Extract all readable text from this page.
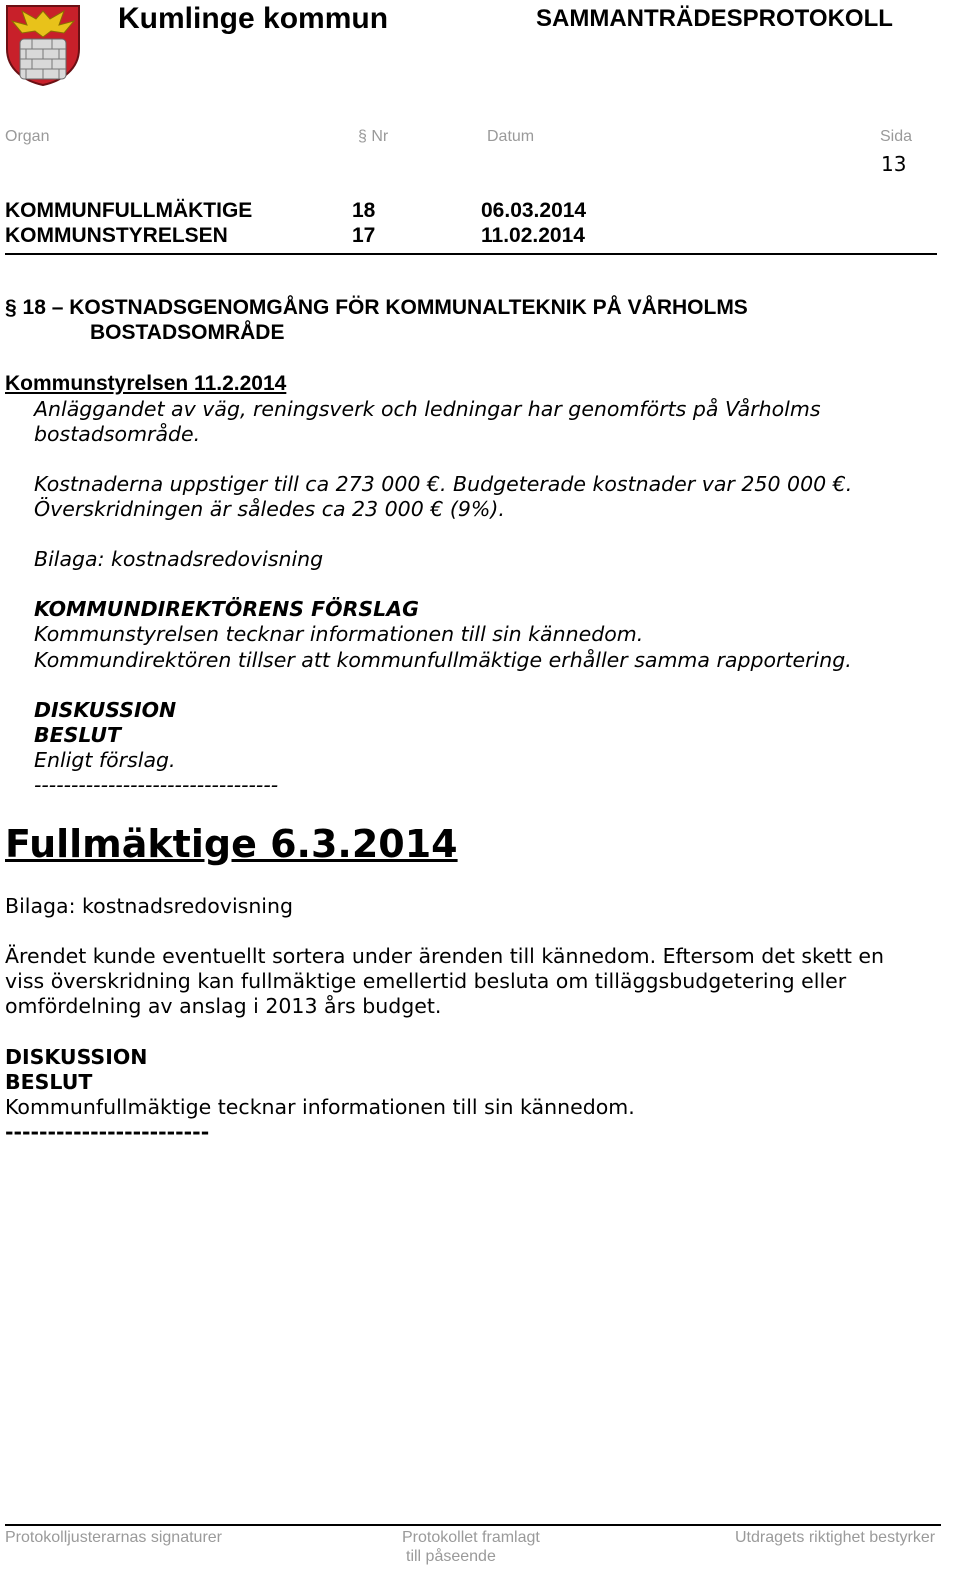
Kumlinge kommun	SAMMANTRÄDESPROTOKOLL
Organ	§ Nr	Datum	Sida
13
KOMMUNFULLMÄKTIGE	18	06.03.2014
KOMMUNSTYRELSEN	17	11.02.2014
§ 18 – KOSTNADSGENOMGÅNG FÖR KOMMUNALTEKNIK PÅ VÅRHOLMS
BOSTADSOMRÅDE
Kommunstyrelsen 11.2.2014
Anläggandet av väg, reningsverk och ledningar har genomförts på Vårholms
bostadsområde.
Kostnaderna uppstiger till ca 273 000 €. Budgeterade kostnader var 250 000 €.
Överskridningen är således ca 23 000 € (9%).
Bilaga: kostnadsredovisning
KOMMUNDIREKTÖRENS FÖRSLAG
Kommunstyrelsen tecknar informationen till sin kännedom.
Kommundirektören tillser att kommunfullmäktige erhåller samma rapportering.
DISKUSSION
BESLUT
Enligt förslag.
---------------------------------
Fullmäktige 6.3.2014
Bilaga: kostnadsredovisning
Ärendet kunde eventuellt sortera under ärenden till kännedom. Eftersom det skett en
viss överskridning kan fullmäktige emellertid besluta om tilläggsbudgetering eller
omfördelning av anslag i 2013 års budget.
DISKUSSION
BESLUT
Kommunfullmäktige tecknar informationen till sin kännedom.
------------------------
Protokolljusterarnas signaturer	Protokollet framlagt
till påseende
Utdragets riktighet bestyrker
